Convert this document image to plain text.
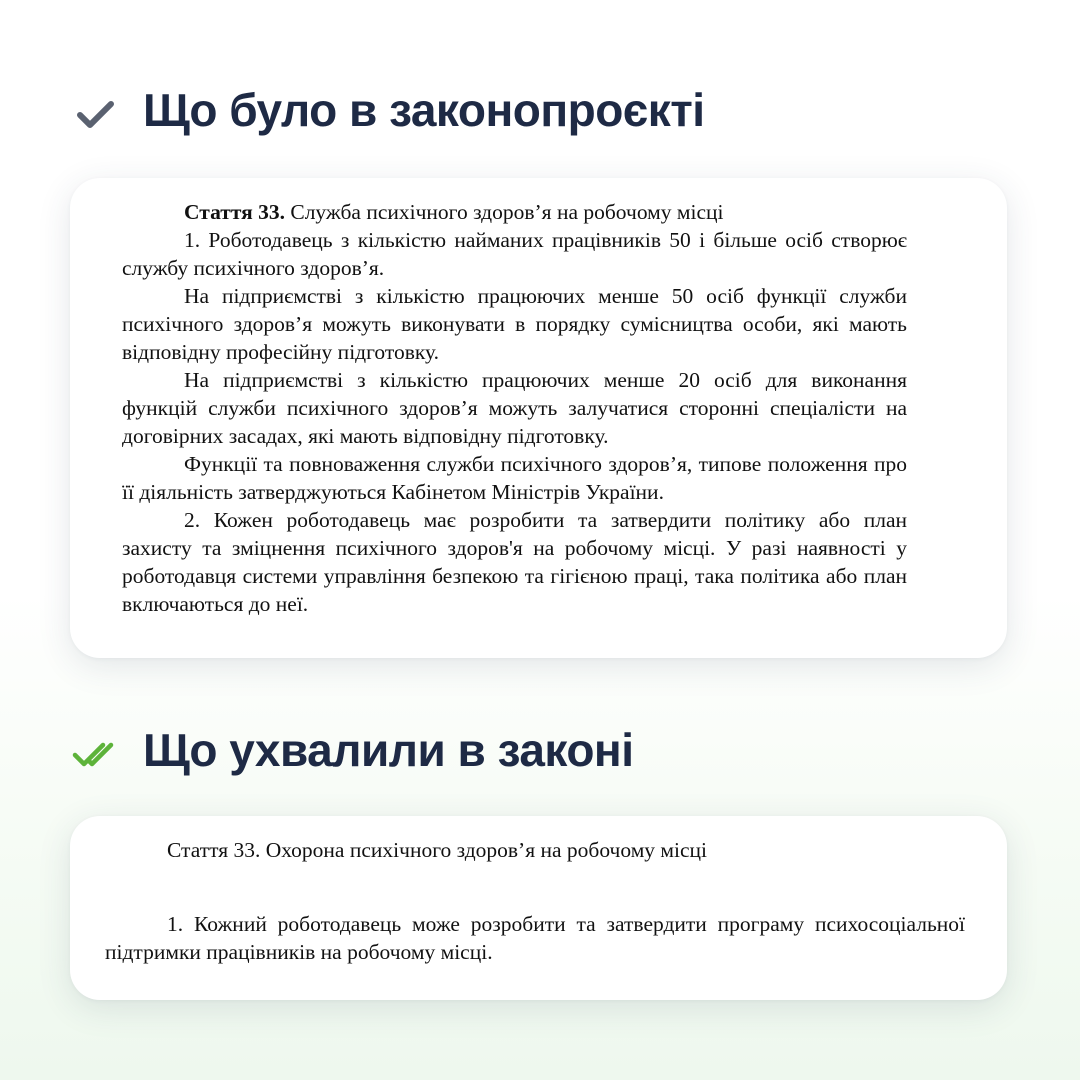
Що було в законопроєкті

Стаття 33. Служба психічного здоров’я на робочому місці

1. Роботодавець з кількістю найманих працівників 50 і більше осіб створює службу психічного здоров’я.

На підприємстві з кількістю працюючих менше 50 осіб функції служби психічного здоров’я можуть виконувати в порядку сумісництва особи, які мають відповідну професійну підготовку.

На підприємстві з кількістю працюючих менше 20 осіб для виконання функцій служби психічного здоров’я можуть залучатися сторонні спеціалісти на договірних засадах, які мають відповідну підготовку.

Функції та повноваження служби психічного здоров’я, типове положення про її діяльність затверджуються Кабінетом Міністрів України.

2. Кожен роботодавець має розробити та затвердити політику або план захисту та зміцнення психічного здоров'я на робочому місці. У разі наявності у роботодавця системи управління безпекою та гігієною праці, така політика або план включаються до неї.

Що ухвалили в законі

Стаття 33. Охорона психічного здоров’я на робочому місці

1. Кожний роботодавець може розробити та затвердити програму психосоціальної підтримки працівників на робочому місці.
